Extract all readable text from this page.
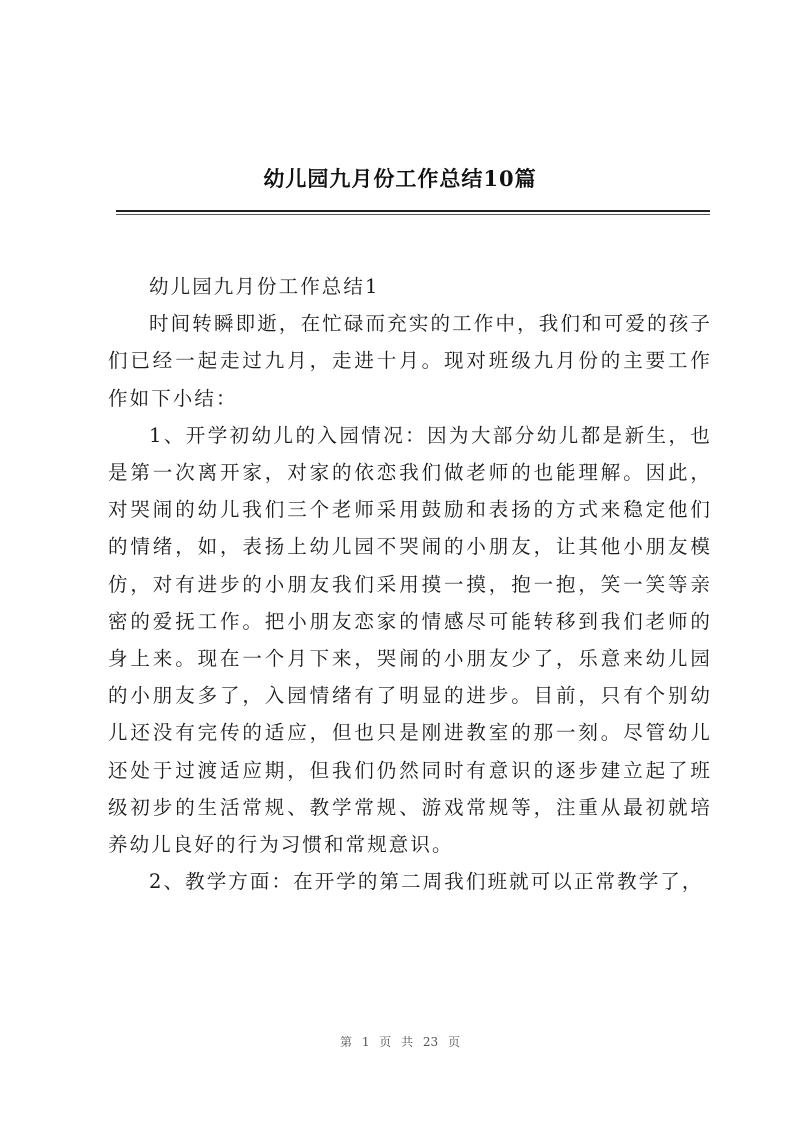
幼儿园九月份工作总结10篇

幼儿园九月份工作总结1

时间转瞬即逝，在忙碌而充实的工作中，我们和可爱的孩子们已经一起走过九月，走进十月。现对班级九月份的主要工作作如下小结：

1、开学初幼儿的入园情况：因为大部分幼儿都是新生，也是第一次离开家，对家的依恋我们做老师的也能理解。因此，对哭闹的幼儿我们三个老师采用鼓励和表扬的方式来稳定他们的情绪，如，表扬上幼儿园不哭闹的小朋友，让其他小朋友模仿，对有进步的小朋友我们采用摸一摸，抱一抱，笑一笑等亲密的爱抚工作。把小朋友恋家的情感尽可能转移到我们老师的身上来。现在一个月下来，哭闹的小朋友少了，乐意来幼儿园的小朋友多了，入园情绪有了明显的进步。目前，只有个别幼儿还没有完传的适应，但也只是刚进教室的那一刻。尽管幼儿还处于过渡适应期，但我们仍然同时有意识的逐步建立起了班级初步的生活常规、教学常规、游戏常规等，注重从最初就培养幼儿良好的行为习惯和常规意识。

2、教学方面：在开学的第二周我们班就可以正常教学了，

第 1 页 共 23 页
